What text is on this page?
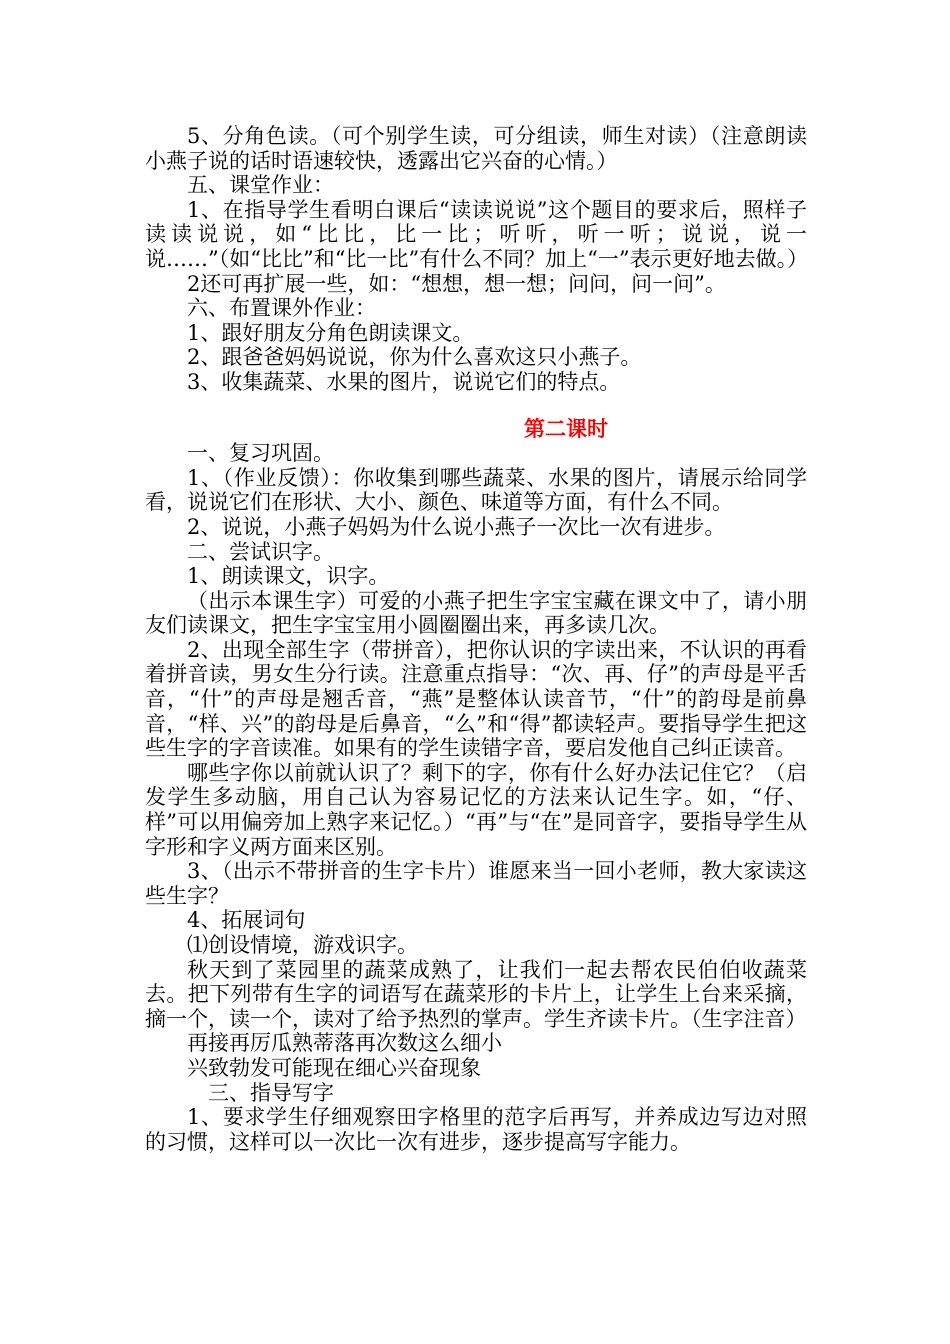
5、分角色读。（可个别学生读，可分组读，师生对读）（注意朗读小燕子说的话时语速较快，透露出它兴奋的心情。）

五、课堂作业：

1、在指导学生看明白课后“读读说说”这个题目的要求后，照样子读读说说，如“比比，比一比；听听，听一听；说说，说一说……”（如“比比”和“比一比”有什么不同？加上“一”表示更好地去做。）

2还可再扩展一些，如：“想想，想一想；问问，问一问”。

六、布置课外作业：

1、跟好朋友分角色朗读课文。

2、跟爸爸妈妈说说，你为什么喜欢这只小燕子。

3、收集蔬菜、水果的图片，说说它们的特点。

第二课时

一、复习巩固。

1、（作业反馈）：你收集到哪些蔬菜、水果的图片，请展示给同学看，说说它们在形状、大小、颜色、味道等方面，有什么不同。

2、说说，小燕子妈妈为什么说小燕子一次比一次有进步。

二、尝试识字。

1、朗读课文，识字。

（出示本课生字）可爱的小燕子把生字宝宝藏在课文中了，请小朋友们读课文，把生字宝宝用小圆圈圈出来，再多读几次。

2、出现全部生字（带拼音），把你认识的字读出来，不认识的再看着拼音读，男女生分行读。注意重点指导：“次、再、仔”的声母是平舌音，“什”的声母是翘舌音，“燕”是整体认读音节，“什”的韵母是前鼻音，“样、兴”的韵母是后鼻音，“么”和“得”都读轻声。要指导学生把这些生字的字音读准。如果有的学生读错字音，要启发他自己纠正读音。

哪些字你以前就认识了？剩下的字，你有什么好办法记住它？（启发学生多动脑，用自己认为容易记忆的方法来认记生字。如，“仔、样”可以用偏旁加上熟字来记忆。）“再”与“在”是同音字，要指导学生从字形和字义两方面来区别。

3、（出示不带拼音的生字卡片）谁愿来当一回小老师，教大家读这些生字？

4、拓展词句

⑴创设情境，游戏识字。

秋天到了菜园里的蔬菜成熟了，让我们一起去帮农民伯伯收蔬菜去。把下列带有生字的词语写在蔬菜形的卡片上，让学生上台来采摘，摘一个，读一个，读对了给予热烈的掌声。学生齐读卡片。（生字注音）

再接再厉瓜熟蒂落再次数这么细小

兴致勃发可能现在细心兴奋现象

三、指导写字

1、要求学生仔细观察田字格里的范字后再写，并养成边写边对照的习惯，这样可以一次比一次有进步，逐步提高写字能力。
